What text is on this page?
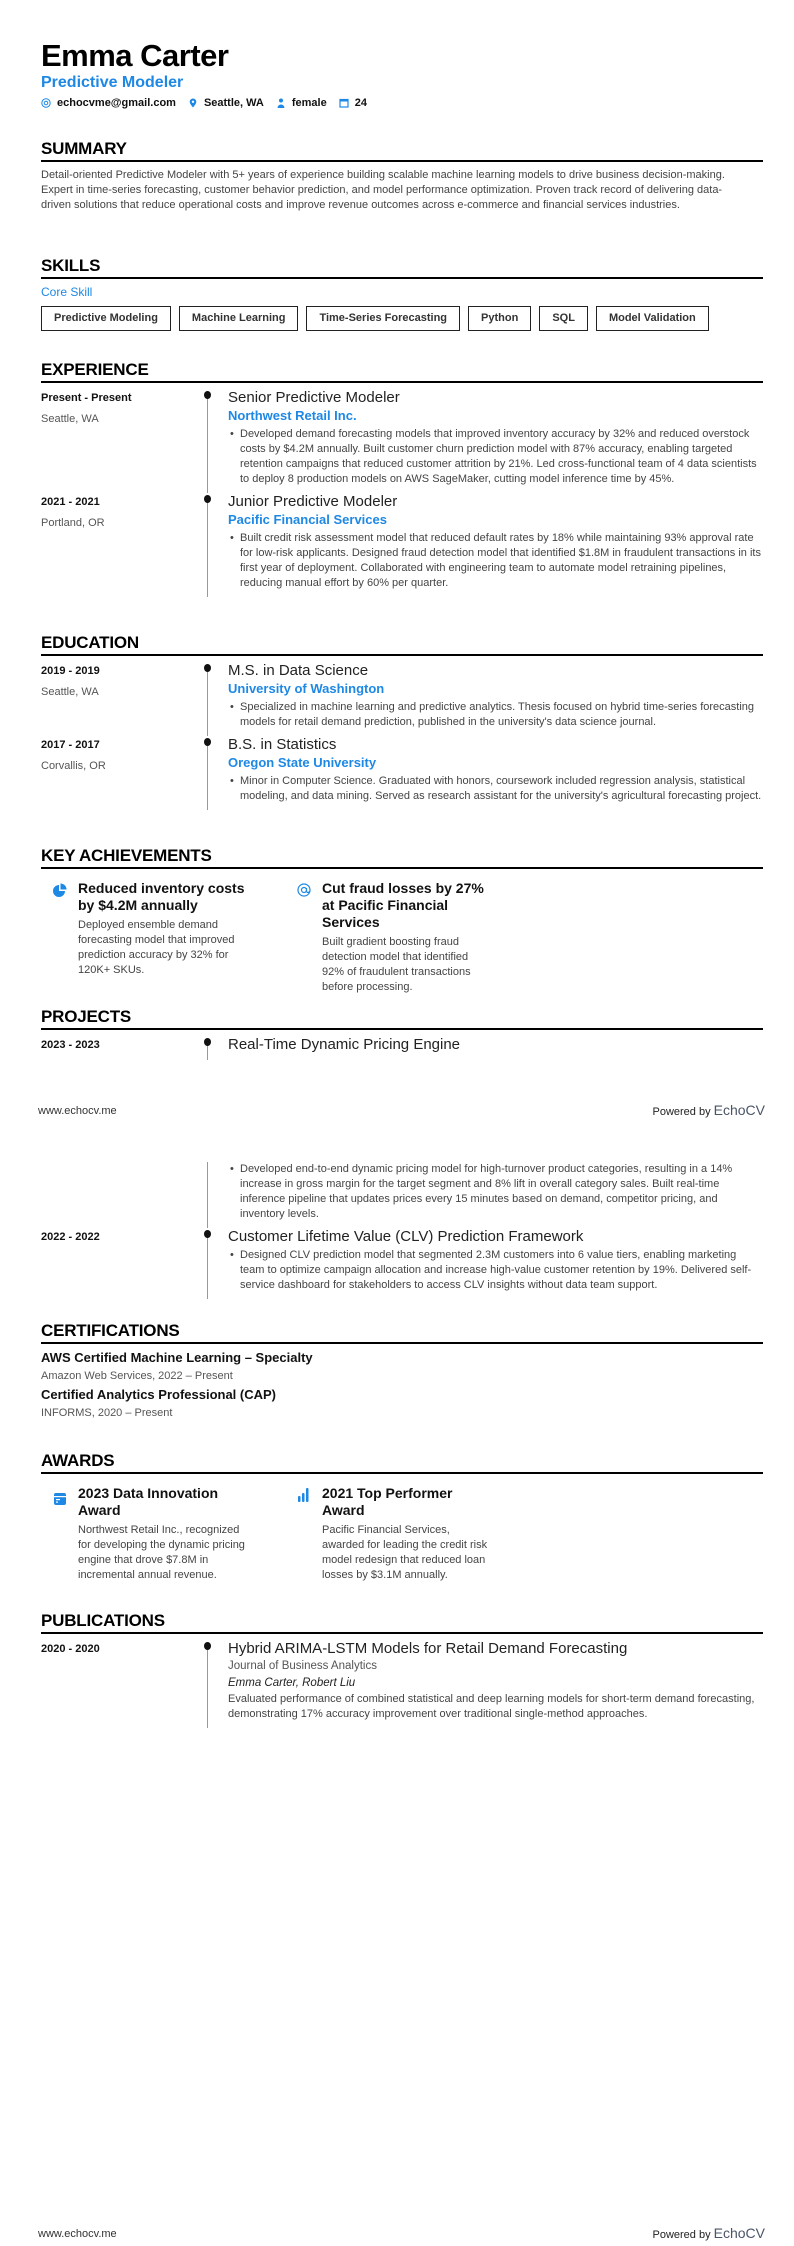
Emma Carter
Predictive Modeler
echocvme@gmail.com	Seattle, WA	female	24
SUMMARY
Detail-oriented Predictive Modeler with 5+ years of experience building scalable machine learning models to drive business decision-making. Expert in time-series forecasting, customer behavior prediction, and model performance optimization. Proven track record of delivering data-driven solutions that reduce operational costs and improve revenue outcomes across e-commerce and financial services industries.
SKILLS
Core Skill
Predictive Modeling	Machine Learning	Time-Series Forecasting	Python	SQL	Model Validation
EXPERIENCE
Present - Present
Seattle, WA
Senior Predictive Modeler
Northwest Retail Inc.
• Developed demand forecasting models that improved inventory accuracy by 32% and reduced overstock costs by $4.2M annually. Built customer churn prediction model with 87% accuracy, enabling targeted retention campaigns that reduced customer attrition by 21%. Led cross-functional team of 4 data scientists to deploy 8 production models on AWS SageMaker, cutting model inference time by 45%.
2021 - 2021
Portland, OR
Junior Predictive Modeler
Pacific Financial Services
• Built credit risk assessment model that reduced default rates by 18% while maintaining 93% approval rate for low-risk applicants. Designed fraud detection model that identified $1.8M in fraudulent transactions in its first year of deployment. Collaborated with engineering team to automate model retraining pipelines, reducing manual effort by 60% per quarter.
EDUCATION
2019 - 2019
Seattle, WA
M.S. in Data Science
University of Washington
• Specialized in machine learning and predictive analytics. Thesis focused on hybrid time-series forecasting models for retail demand prediction, published in the university's data science journal.
2017 - 2017
Corvallis, OR
B.S. in Statistics
Oregon State University
• Minor in Computer Science. Graduated with honors, coursework included regression analysis, statistical modeling, and data mining. Served as research assistant for the university's agricultural forecasting project.
KEY ACHIEVEMENTS
Reduced inventory costs by $4.2M annually
Deployed ensemble demand forecasting model that improved prediction accuracy by 32% for 120K+ SKUs.
Cut fraud losses by 27% at Pacific Financial Services
Built gradient boosting fraud detection model that identified 92% of fraudulent transactions before processing.
PROJECTS
2023 - 2023	Real-Time Dynamic Pricing Engine
www.echocv.me	Powered by EchoCV
• Developed end-to-end dynamic pricing model for high-turnover product categories, resulting in a 14% increase in gross margin for the target segment and 8% lift in overall category sales. Built real-time inference pipeline that updates prices every 15 minutes based on demand, competitor pricing, and inventory levels.
2022 - 2022	Customer Lifetime Value (CLV) Prediction Framework
• Designed CLV prediction model that segmented 2.3M customers into 6 value tiers, enabling marketing team to optimize campaign allocation and increase high-value customer retention by 19%. Delivered self-service dashboard for stakeholders to access CLV insights without data team support.
CERTIFICATIONS
AWS Certified Machine Learning – Specialty
Amazon Web Services, 2022 – Present
Certified Analytics Professional (CAP)
INFORMS, 2020 – Present
AWARDS
2023 Data Innovation Award
Northwest Retail Inc., recognized for developing the dynamic pricing engine that drove $7.8M in incremental annual revenue.
2021 Top Performer Award
Pacific Financial Services, awarded for leading the credit risk model redesign that reduced loan losses by $3.1M annually.
PUBLICATIONS
2020 - 2020	Hybrid ARIMA-LSTM Models for Retail Demand Forecasting
Journal of Business Analytics
Emma Carter, Robert Liu
Evaluated performance of combined statistical and deep learning models for short-term demand forecasting, demonstrating 17% accuracy improvement over traditional single-method approaches.
www.echocv.me	Powered by EchoCV
